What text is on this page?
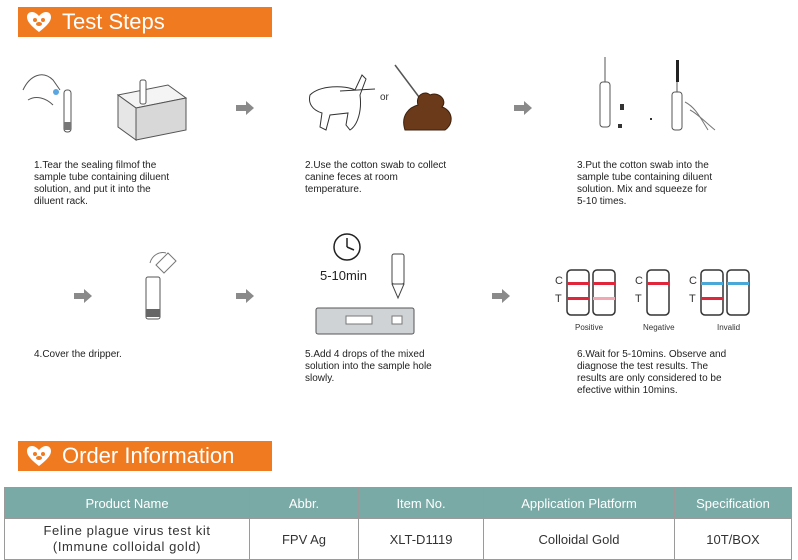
Test Steps
1.Tear the sealing filmof the
sample tube containing diluent
solution, and put it into the
diluent rack.
or
2.Use the cotton swab to collect
canine feces at room
temperature.
3.Put the cotton swab into the
sample tube containing diluent
solution. Mix and squeeze for
5-10 times.
4.Cover the dripper.
5-10min
5.Add 4 drops of the mixed
solution into the sample hole
slowly.
C
T
Positive
C
T
Negative
C
T
Invalid
6.Wait for 5-10mins. Observe and
diagnose the test results. The
results are only considered to be
efective within 10mins.
Order Information
Product Name	Abbr.	Item No.	Application Platform	Specification

Feline plague virus test kit
(Immune colloidal gold)	FPV Ag	XLT-D1119	Colloidal Gold	10T/BOX
